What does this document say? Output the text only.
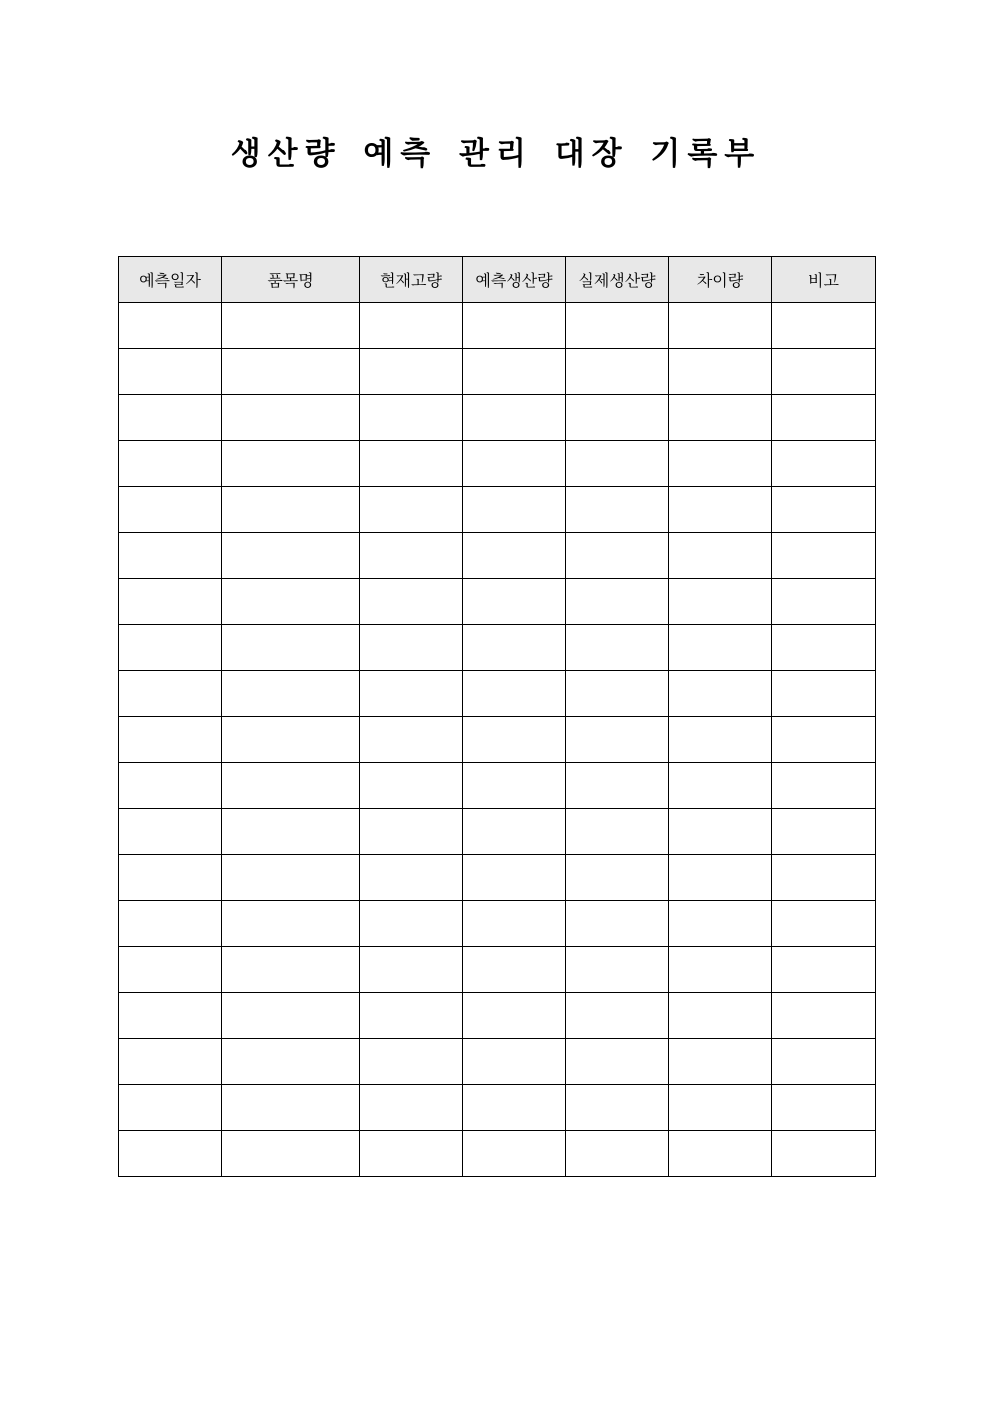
생산량 예측 관리 대장 기록부
예측일자	품목명	현재고량	예측생산량	실제생산량	차이량	비고
